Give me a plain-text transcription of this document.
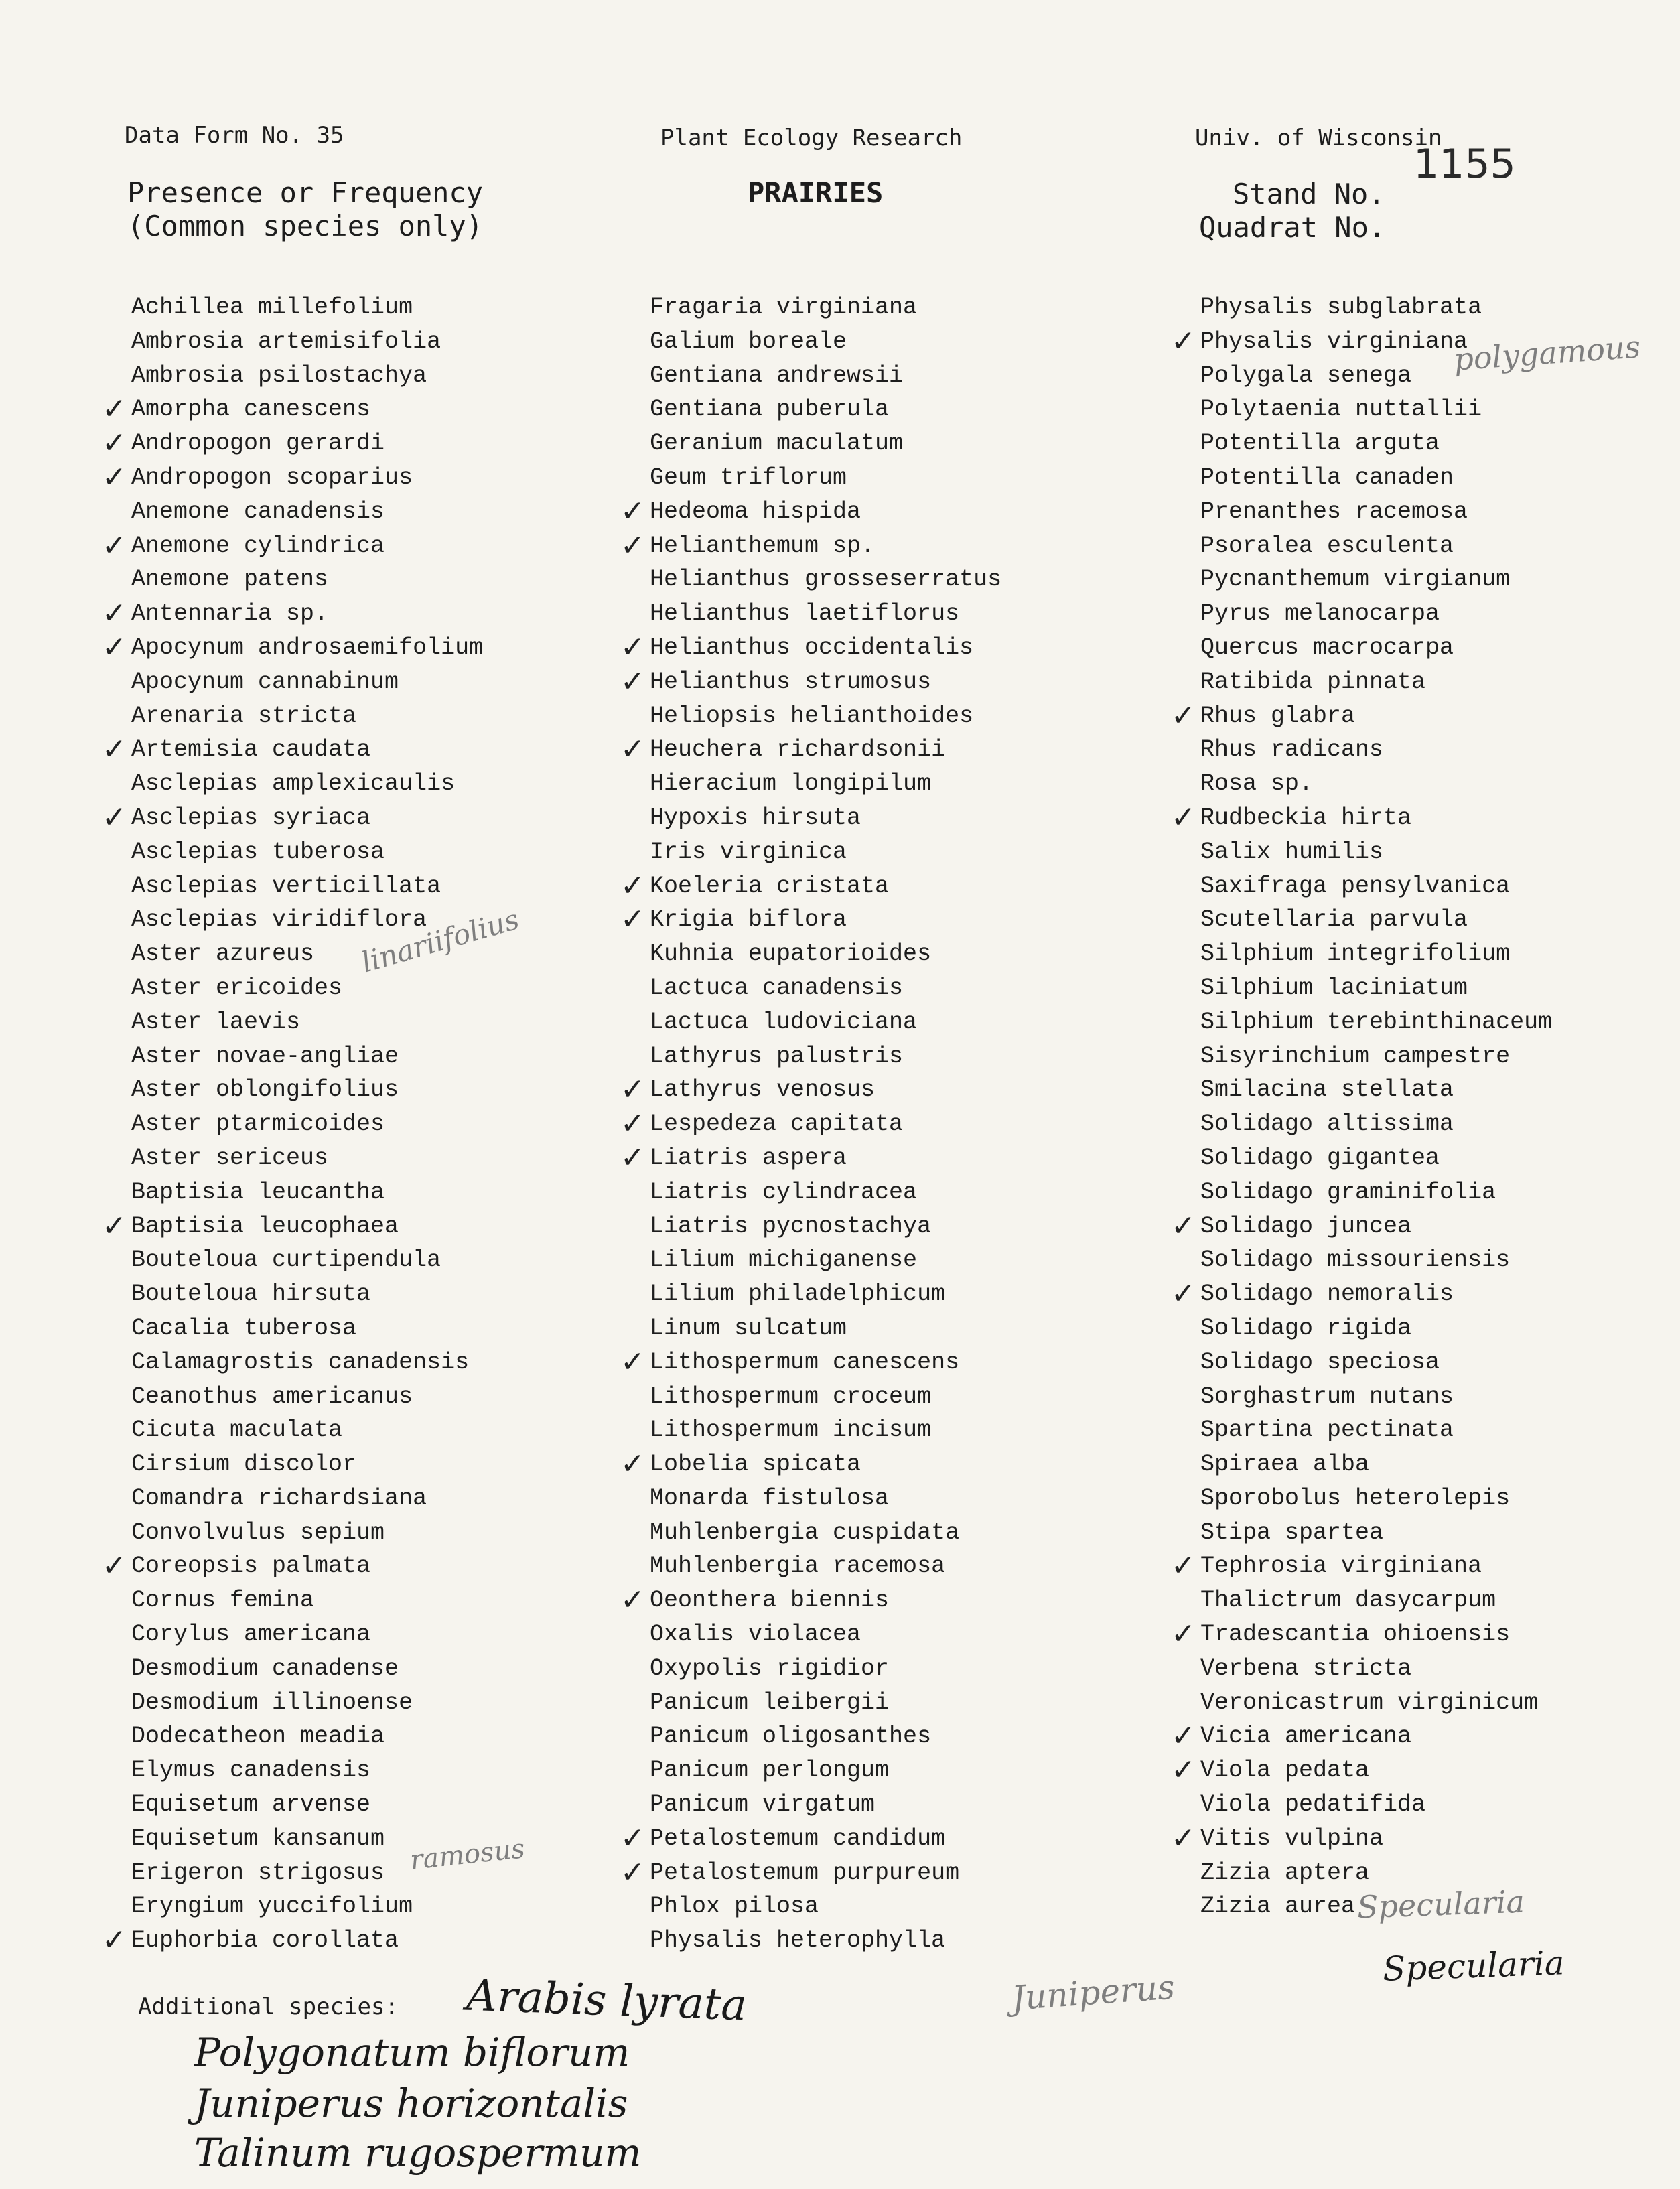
Data Form No. 35	Plant Ecology Research	Univ. of Wisconsin
1155
Presence or Frequency
(Common species only)
PRAIRIES	Stand No.
Quadrat No.
Achillea millefolium
Ambrosia artemisifolia
Ambrosia psilostachya
✓ Amorpha canescens
✓ Andropogon gerardi
✓ Andropogon scoparius
Anemone canadensis
✓ Anemone cylindrica
Anemone patens
✓ Antennaria sp.
✓ Apocynum androsaemifolium
Apocynum cannabinum
Arenaria stricta
✓ Artemisia caudata
Asclepias amplexicaulis
✓ Asclepias syriaca
Asclepias tuberosa
Asclepias verticillata
Asclepias viridiflora
Aster azureus
Aster ericoides
Aster laevis
Aster novae-angliae
Aster oblongifolius
Aster ptarmicoides
Aster sericeus
Baptisia leucantha
✓ Baptisia leucophaea
Bouteloua curtipendula
Bouteloua hirsuta
Cacalia tuberosa
Calamagrostis canadensis
Ceanothus americanus
Cicuta maculata
Cirsium discolor
Comandra richardsiana
Convolvulus sepium
✓ Coreopsis palmata
Cornus femina
Corylus americana
Desmodium canadense
Desmodium illinoense
Dodecatheon meadia
Elymus canadensis
Equisetum arvense
Equisetum kansanum
Erigeron strigosus
Eryngium yuccifolium
✓ Euphorbia corollata
Fragaria virginiana
Galium boreale
Gentiana andrewsii
Gentiana puberula
Geranium maculatum
Geum triflorum
✓ Hedeoma hispida
✓ Helianthemum sp.
Helianthus grosseserratus
Helianthus laetiflorus
✓ Helianthus occidentalis
✓ Helianthus strumosus
Heliopsis helianthoides
✓ Heuchera richardsonii
Hieracium longipilum
Hypoxis hirsuta
Iris virginica
✓ Koeleria cristata
✓ Krigia biflora
Kuhnia eupatorioides
Lactuca canadensis
Lactuca ludoviciana
Lathyrus palustris
✓ Lathyrus venosus
✓ Lespedeza capitata
✓ Liatris aspera
Liatris cylindracea
Liatris pycnostachya
Lilium michiganense
Lilium philadelphicum
Linum sulcatum
✓ Lithospermum canescens
Lithospermum croceum
Lithospermum incisum
✓ Lobelia spicata
Monarda fistulosa
Muhlenbergia cuspidata
Muhlenbergia racemosa
✓ Oeonthera biennis
Oxalis violacea
Oxypolis rigidior
Panicum leibergii
Panicum oligosanthes
Panicum perlongum
Panicum virgatum
✓ Petalostemum candidum
✓ Petalostemum purpureum
Phlox pilosa
Physalis heterophylla
Physalis subglabrata
✓ Physalis virginiana
Polygala senega
Polytaenia nuttallii
Potentilla arguta
Potentilla canaden
Prenanthes racemosa
Psoralea esculenta
Pycnanthemum virgianum
Pyrus melanocarpa
Quercus macrocarpa
Ratibida pinnata
✓ Rhus glabra
Rhus radicans
Rosa sp.
✓ Rudbeckia hirta
Salix humilis
Saxifraga pensylvanica
Scutellaria parvula
Silphium integrifolium
Silphium laciniatum
Silphium terebinthinaceum
Sisyrinchium campestre
Smilacina stellata
Solidago altissima
Solidago gigantea
Solidago graminifolia
✓ Solidago juncea
Solidago missouriensis
✓ Solidago nemoralis
Solidago rigida
Solidago speciosa
Sorghastrum nutans
Spartina pectinata
Spiraea alba
Sporobolus heterolepis
Stipa spartea
✓ Tephrosia virginiana
Thalictrum dasycarpum
✓ Tradescantia ohioensis
Verbena stricta
Veronicastrum virginicum
✓ Vicia americana
✓ Viola pedata
Viola pedatifida
✓ Vitis vulpina
Zizia aptera
Zizia aurea
polygamous
linariifolius
ramosus
Juniperus
Specularia
Specularia
Additional species: Arabis lyrata
Polygonatum biflorum
Juniperus horizontalis
Talinum rugospermum
